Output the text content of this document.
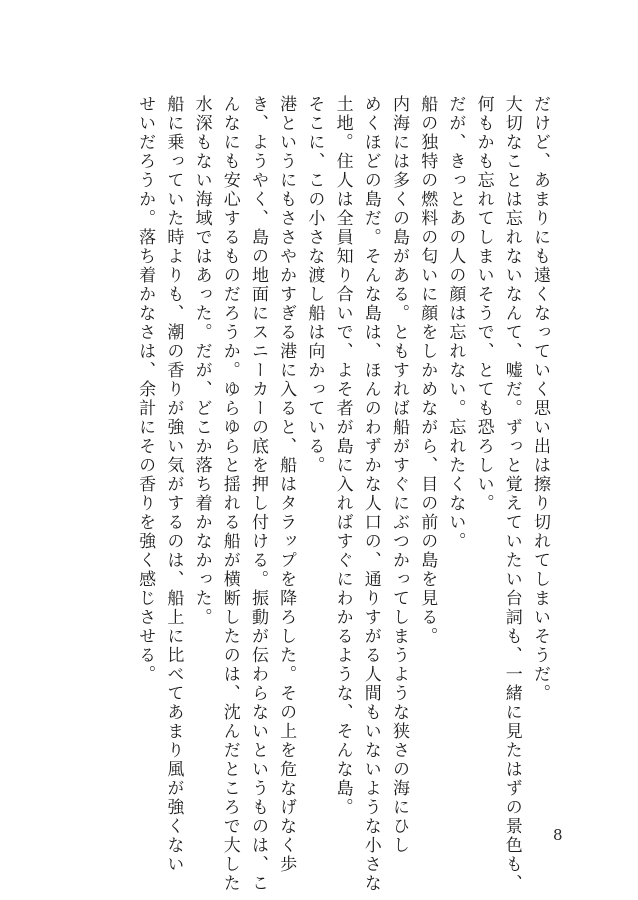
だけど、あまりにも遠くなっていく思い出は擦り切れてしまいそうだ。
大切なことは忘れないなんて、嘘だ。ずっと覚えていたい台詞も、一緒に見たはずの景色も、
何もかも忘れてしまいそうで、とても恐ろしい。
だが、きっとあの人の顔は忘れない。忘れたくない。
船の独特の燃料の匂いに顔をしかめながら、目の前の島を見る。
内海には多くの島がある。ともすれば船がすぐにぶつかってしまうような狭さの海にひし
めくほどの島だ。そんな島は、ほんのわずかな人口の、通りすがる人間もいないような小さな
土地。住人は全員知り合いで、よそ者が島に入ればすぐにわかるような、そんな島。
そこに、この小さな渡し船は向かっている。
港というにもささやかすぎる港に入ると、船はタラップを降ろした。その上を危なげなく歩
き、ようやく、島の地面にスニーカーの底を押し付ける。振動が伝わらないというものは、こ
んなにも安心するものだろうか。ゆらゆらと揺れる船が横断したのは、沈んだところで大した
水深もない海域ではあった。だが、どこか落ち着かなかった。
船に乗っていた時よりも、潮の香りが強い気がするのは、船上に比べてあまり風が強くない
せいだろうか。落ち着かなさは、余計にその香りを強く感じさせる。
8
